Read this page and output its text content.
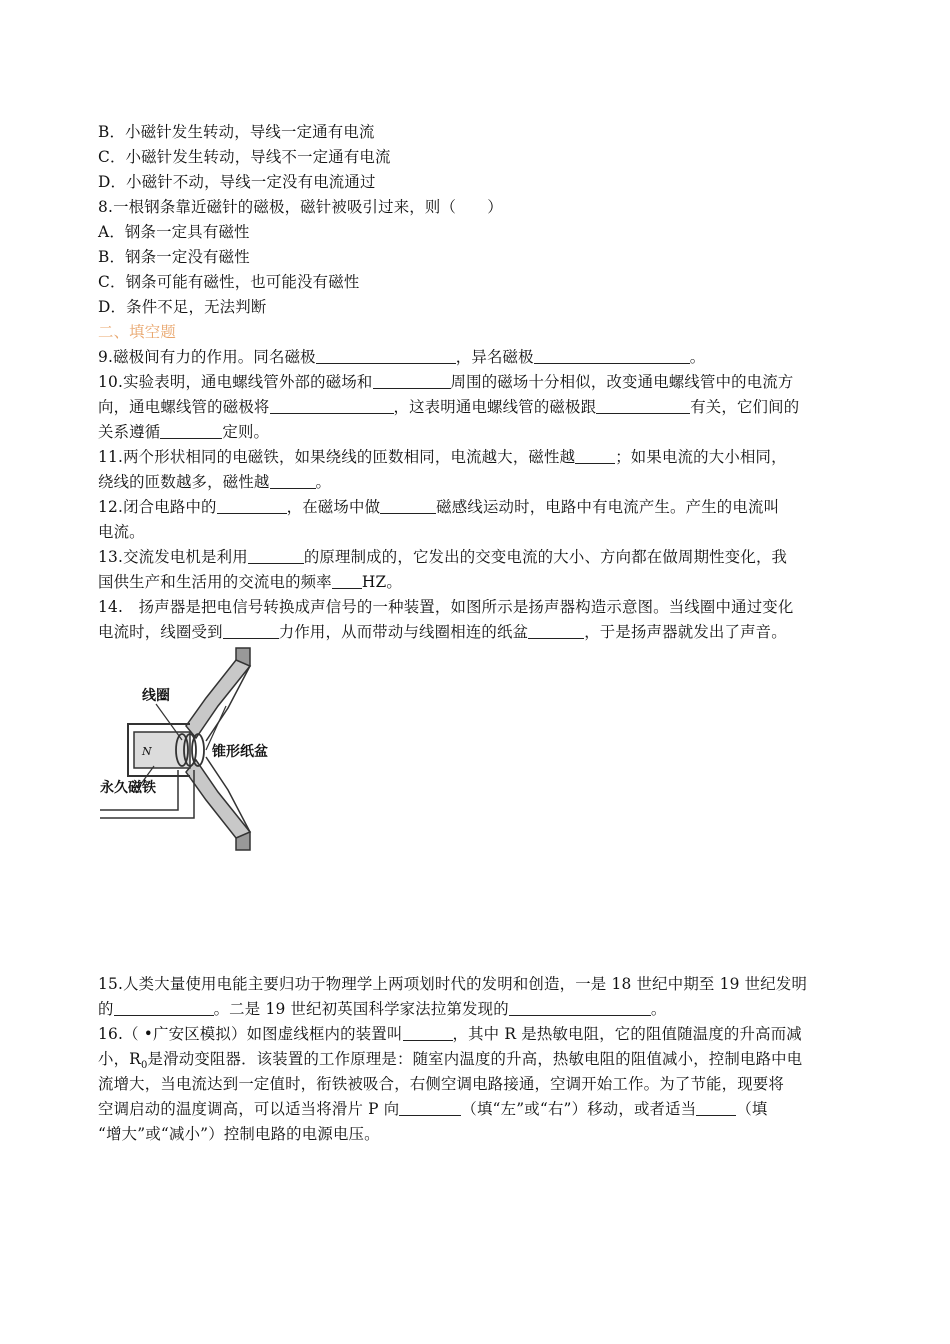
B．小磁针发生转动，导线一定通有电流
C．小磁针发生转动，导线不一定通有电流
D．小磁针不动，导线一定没有电流通过
8.一根钢条靠近磁针的磁极，磁针被吸引过来，则（　　）
A．钢条一定具有磁性
B．钢条一定没有磁性
C．钢条可能有磁性，也可能没有磁性
D．条件不足，无法判断
二、填空题
9.磁极间有力的作用。同名磁极	，异名磁极	。
10.实验表明，通电螺线管外部的磁场和	周围的磁场十分相似，改变通电螺线管中的电流方
向，通电螺线管的磁极将	，这表明通电螺线管的磁极跟	有关，它们间的
关系遵循	定则。
11.两个形状相同的电磁铁，如果绕线的匝数相同，电流越大，磁性越	；如果电流的大小相同，
绕线的匝数越多，磁性越	。
12.闭合电路中的	，在磁场中做	磁感线运动时，电路中有电流产生。产生的电流叫
电流。
13.交流发电机是利用	的原理制成的，它发出的交变电流的大小、方向都在做周期性变化，我
国供生产和生活用的交流电的频率 HZ。
14.　扬声器是把电信号转换成声信号的一种装置，如图所示是扬声器构造示意图。当线圈中通过变化
电流时，线圈受到	力作用，从而带动与线圈相连的纸盆	，于是扬声器就发出了声音。
N
线圈
锥形纸盆
永久磁铁
15.人类大量使用电能主要归功于物理学上两项划时代的发明和创造，一是 18 世纪中期至 19 世纪发明
的	。二是 19 世纪初英国科学家法拉第发现的	。
16.（ •广安区模拟）如图虚线框内的装置叫	，其中 R 是热敏电阻，它的阻值随温度的升高而减
小，$R_0$是滑动变阻器．该装置的工作原理是：随室内温度的升高，热敏电阻的阻值减小，控制电路中电
流增大，当电流达到一定值时，衔铁被吸合，右侧空调电路接通，空调开始工作。为了节能，现要将
空调启动的温度调高，可以适当将滑片 P 向	（填“左”或“右”）移动，或者适当	（填
“增大”或“减小”）控制电路的电源电压。
